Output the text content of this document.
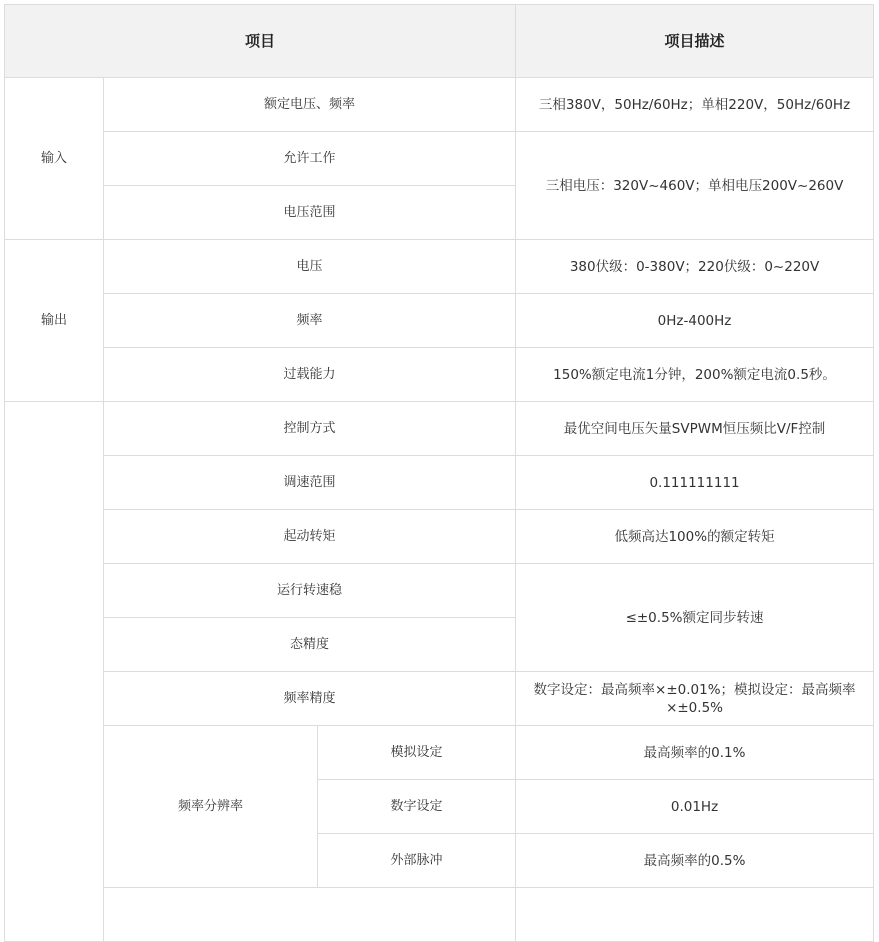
项目			项目描述
输入	额定电压、频率		三相380V，50Hz/60Hz；单相220V，50Hz/60Hz
	允许工作		三相电压：320V~460V；单相电压200V~260V
	电压范围		
输出	电压		380伏级：0-380V；220伏级：0~220V
	频率		0Hz-400Hz
	过载能力		150%额定电流1分钟，200%额定电流0.5秒。
	控制方式		最优空间电压矢量SVPWM恒压频比V/F控制
	调速范围		0.111111111
	起动转矩		低频高达100%的额定转矩
	运行转速稳		≤±0.5%额定同步转速
	态精度		
	频率精度		数字设定：最高频率×±0.01%；模拟设定：最高频率×±0.5%
	频率分辨率	模拟设定	最高频率的0.1%
		数字设定	0.01Hz
		外部脉冲	最高频率的0.5%
